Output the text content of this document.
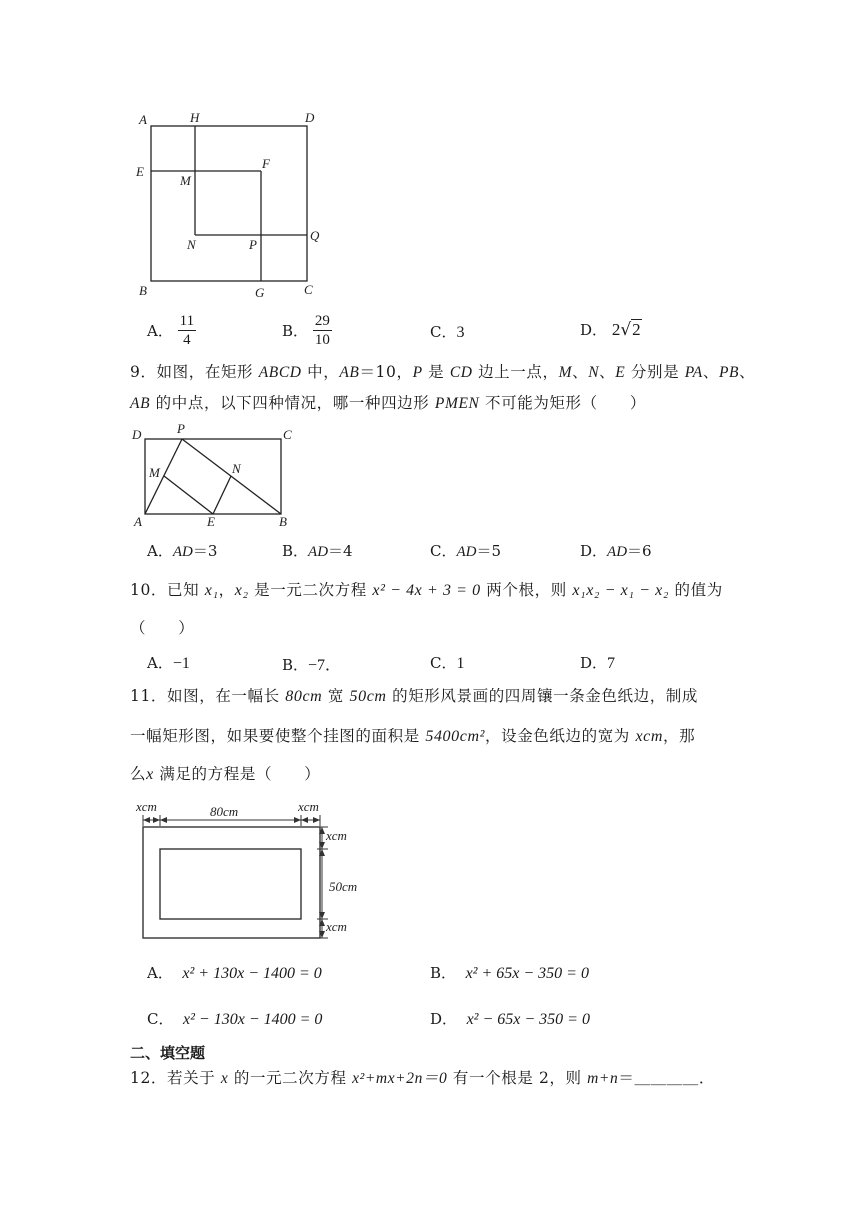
A	H	D
E
M
F
N	P
Q
B	G	C
A． $\frac{11}{4}$	B． $\frac{29}{10}$	C．3	D． 2√2
9．如图，在矩形 ABCD 中，AB＝10，P 是 CD 边上一点，M、N、E 分别是 PA、PB、
AB 的中点，以下四种情况，哪一种四边形 PMEN 不可能为矩形（　　）
D	P	C
M	N
A	E	B
A．AD＝3	B．AD＝4	C．AD＝5	D．AD＝6
10．已知 x₁，x₂ 是一元二次方程 x² − 4x + 3 = 0 两个根，则 x₁x₂ − x₁ − x₂ 的值为
（　　）
A．−1	B．−7．	C．1	D．7
11．如图，在一幅长 80cm 宽 50cm 的矩形风景画的四周镶一条金色纸边，制成
一幅矩形图，如果要使整个挂图的面积是 5400cm²，设金色纸边的宽为 xcm，那
么x 满足的方程是（　　）
xcm	80cm	xcm
xcm
50cm
xcm
A． x² + 130x − 1400 = 0	B． x² + 65x − 350 = 0
C． x² − 130x − 1400 = 0	D． x² − 65x − 350 = 0
二、填空题
12．若关于 x 的一元二次方程 x²+mx+2n＝0 有一个根是 2，则 m+n＝＿＿＿＿．
